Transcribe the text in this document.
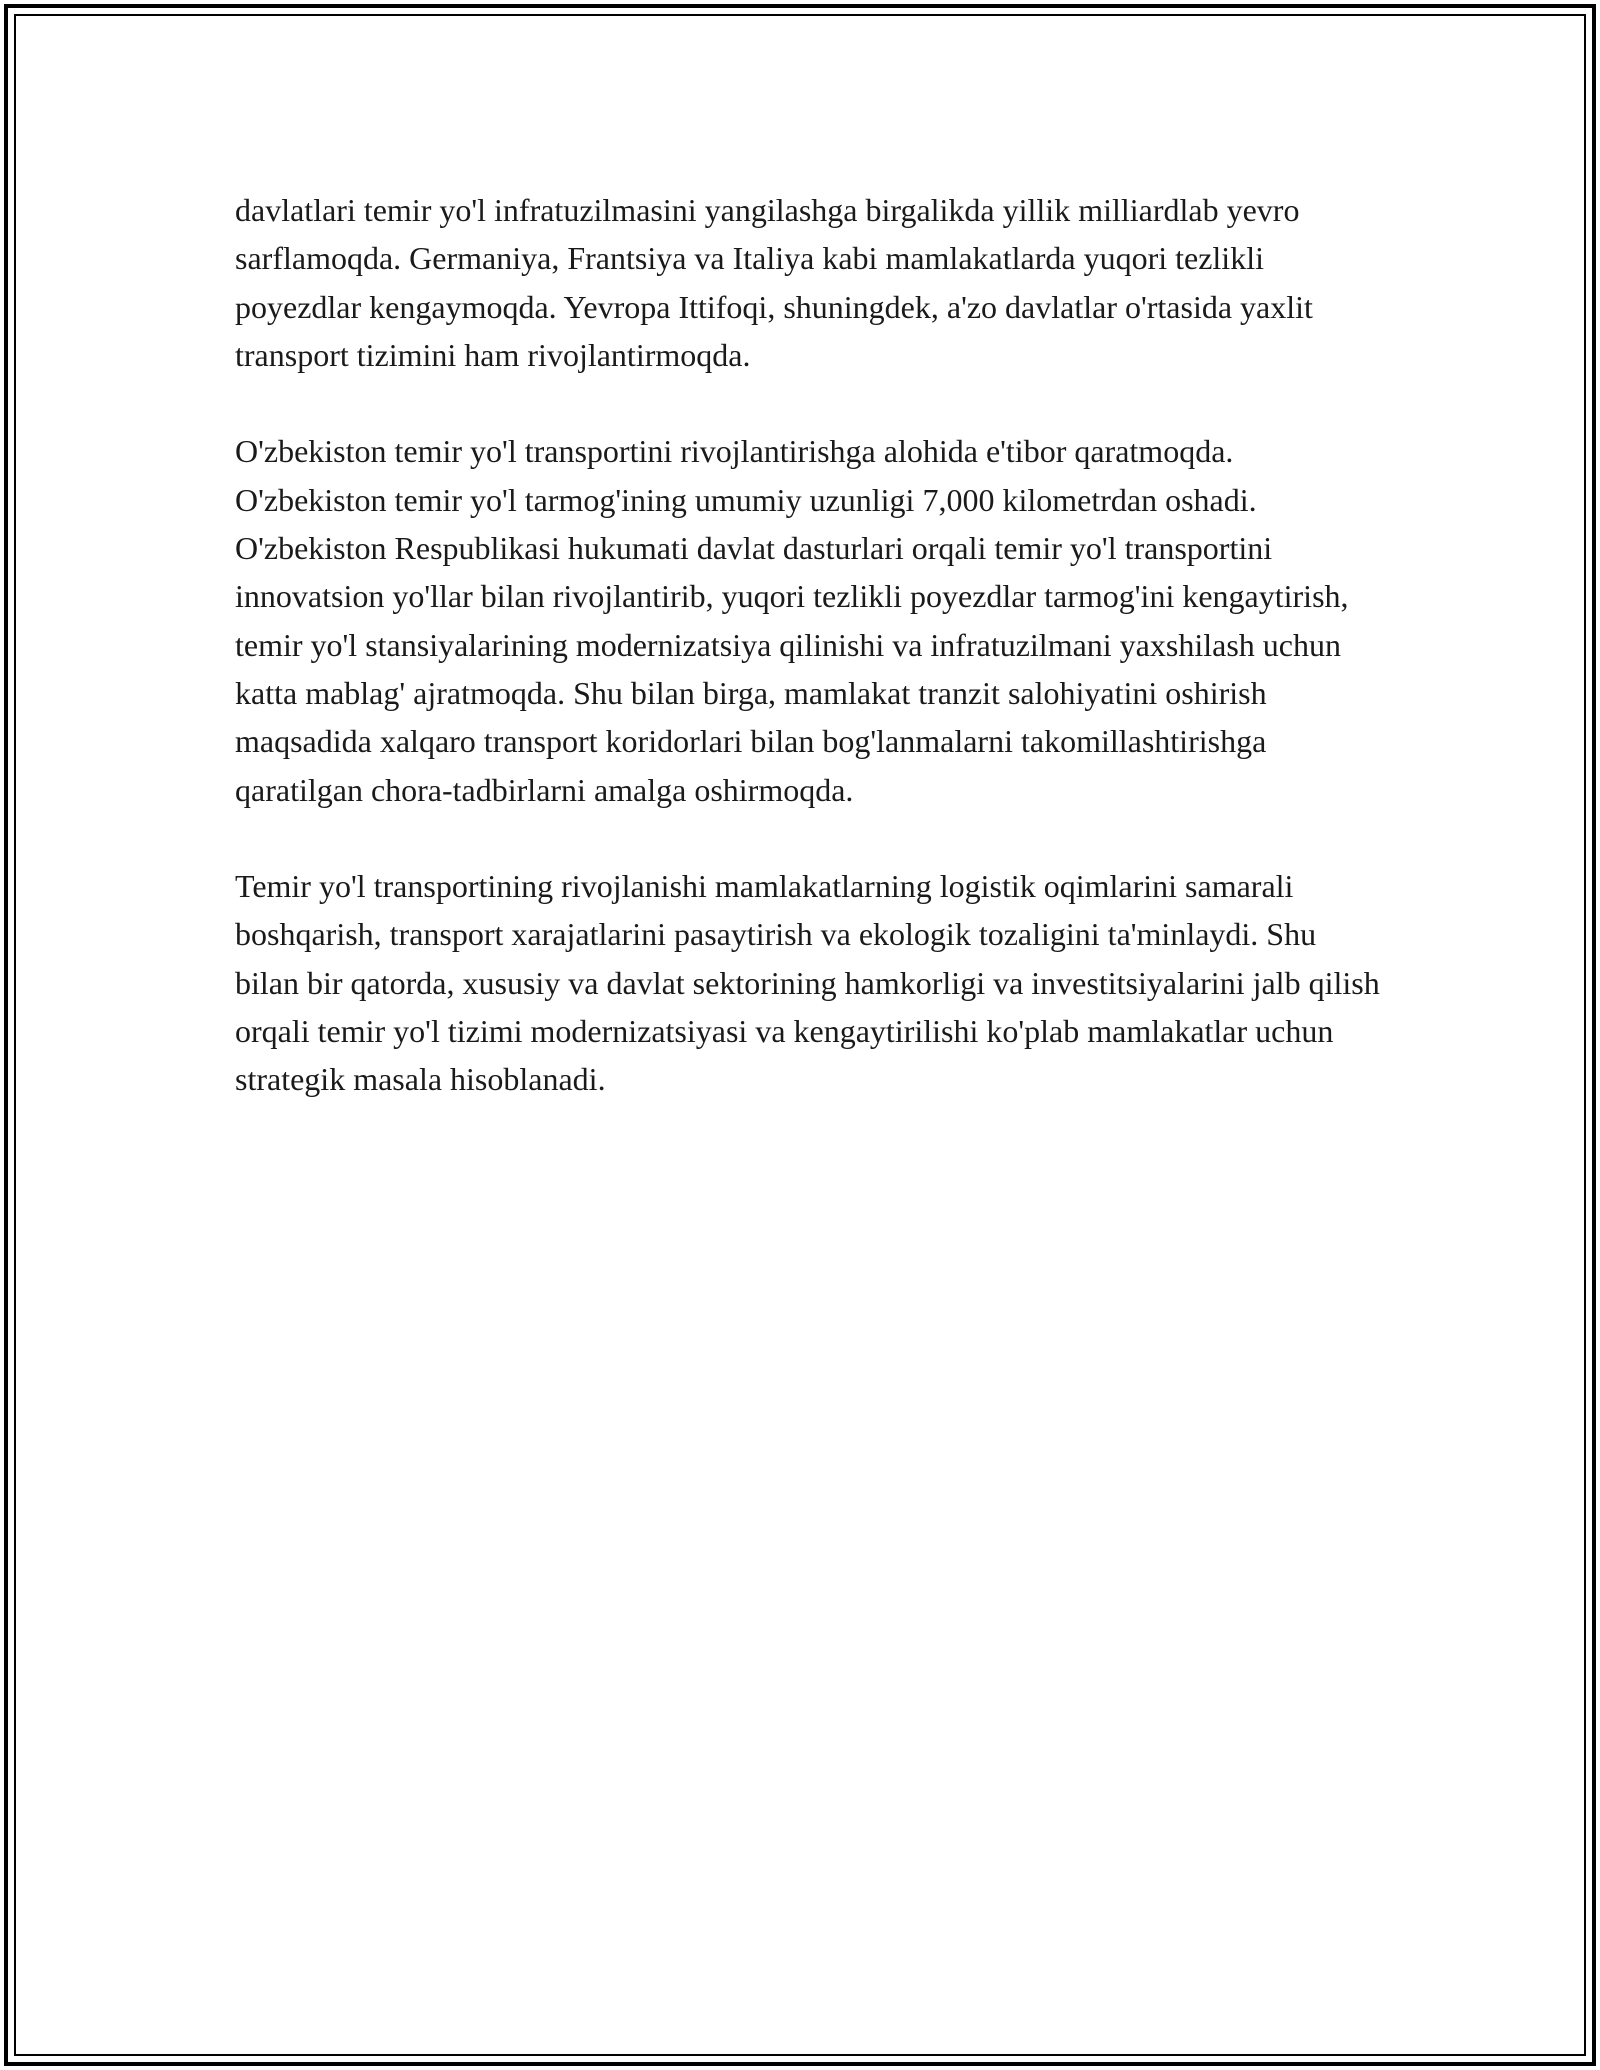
davlatlari temir yo'l infratuzilmasini yangilashga birgalikda yillik milliardlab yevro sarflamoqda. Germaniya, Frantsiya va Italiya kabi mamlakatlarda yuqori tezlikli poyezdlar kengaymoqda. Yevropa Ittifoqi, shuningdek, a'zo davlatlar o'rtasida yaxlit transport tizimini ham rivojlantirmoqda.

O'zbekiston temir yo'l transportini rivojlantirishga alohida e'tibor qaratmoqda. O'zbekiston temir yo'l tarmog'ining umumiy uzunligi 7,000 kilometrdan oshadi. O'zbekiston Respublikasi hukumati davlat dasturlari orqali temir yo'l transportini innovatsion yo'llar bilan rivojlantirib, yuqori tezlikli poyezdlar tarmog'ini kengaytirish, temir yo'l stansiyalarining modernizatsiya qilinishi va infratuzilmani yaxshilash uchun katta mablag' ajratmoqda. Shu bilan birga, mamlakat tranzit salohiyatini oshirish maqsadida xalqaro transport koridorlari bilan bog'lanmalarni takomillashtirishga qaratilgan chora-tadbirlarni amalga oshirmoqda.

Temir yo'l transportining rivojlanishi mamlakatlarning logistik oqimlarini samarali boshqarish, transport xarajatlarini pasaytirish va ekologik tozaligini ta'minlaydi. Shu bilan bir qatorda, xususiy va davlat sektorining hamkorligi va investitsiyalarini jalb qilish orqali temir yo'l tizimi modernizatsiyasi va kengaytirilishi ko'plab mamlakatlar uchun strategik masala hisoblanadi.
